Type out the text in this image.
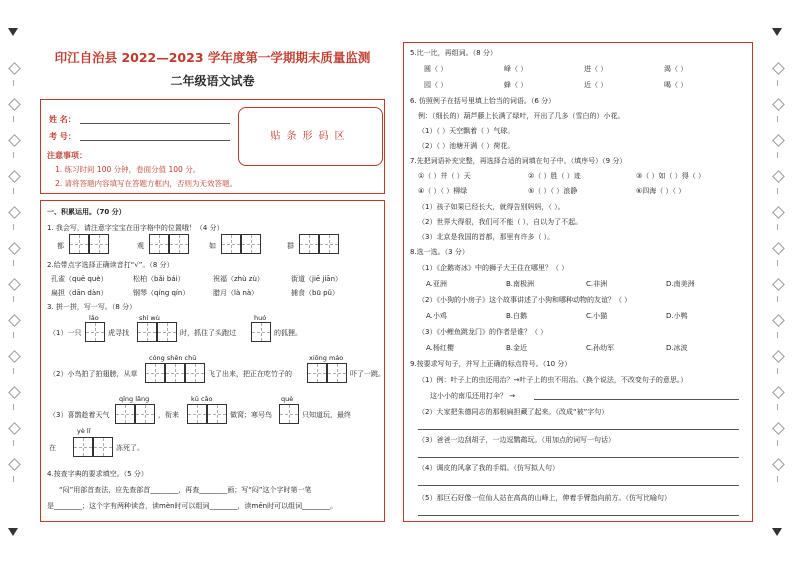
印江自治县 2022—2023 学年度第一学期期末质量监测
二年级语文试卷
姓 名：
考 号：
注意事项：
1. 练习时间 100 分钟，卷面分值 100 分。
2. 请将答题内容填写在答题方框内，否则为无效答题。
贴条形码区
一、积累运用。（70 分）
1. 我会写，请注意字宝宝在田字格中的位置哦！（4 分）
都	观	如	群
2.给带点字选择正确读音打“√”。（8 分）
孔雀（quē què）	松柏（bǎi bái）	祝福（zhù zù）	街道（jiē jiān）
扁担（dān dàn）	钢琴（qíng qín）	腊月（là nà）	捕食（bū pǔ）
3. 拼一拼，写一写。（8 分）
lǎo	shí wù	huó
（1）一只	虎寻找	时，抓住了头跑过	的狐狸。
cóng shēn chū	xiōng máo
（2）小鸟拍了拍翅膀，从草	飞了出来，把正在吃竹子的	吓了一跳。
qīng lǎng	kū cǎo	què
（3）喜鹊趁着天气	，衔来	做窝；寒号鸟	只知道玩，最终
yè lǐ
在	冻死了。
4.按查字典的要求填空。（5 分）
“闷”用部首查法，应先查部首________，再查________画；写“闷”这个字时第一笔
是________；这个字有两种读音，读mèn时可以组词________，读mēn时可以组词________。
5.比一比，再组词。（8 分）
圆（ ）	峰（ ）	进（ ）	渴（ ）
园（ ）	蜂（ ）	近（ ）	喝（ ）
6. 仿照例子在括号里填上恰当的词语。（6 分）
例：（细长的）葫芦藤上长满了绿叶，开出了几多（雪白的）小花。
（1）（ ）天空飘着（ ）气球。
（2）（ ）池塘开满（ ）荷花。
7.先把词语补充完整，再选择合适的词填在句子中。（填序号）（9 分）
①（ ）井（ ）天	②（ ）胜（ ）迹	③（ ）如（ ）得（ ）
④（ ）（ ）柳绿	⑤（ ）（ ）浪静	⑥四海（ ）（ ）
（1）孩子如果已经长大，就得告别妈妈，（ ）。
（2）世界大得很，我们可不能（ ），自以为了不起。
（3）北京是我国的首都，那里有许多（ ）。
8.选一选。（3 分）
（1）《企鹅寄冰》中的狮子大王住在哪里？（ ）
A.亚洲	B.南极洲	C.非洲	D.南美洲
（2）《小狗的小房子》这个故事讲述了小狗和哪种动物的友谊？（ ）
A.小鸡	B.白鹅	C.小猫	D.小鸭
（3）《小鲤鱼跳龙门》的作者是谁？（ ）
A.杨红樱	B.金近	C.孙幼军	D.冰波
9.按要求写句子，并写上正确的标点符号。（10 分）
（1）例：叶子上的虫还用治？→叶子上的虫不用治。（换个说法，不改变句子的意思。）
这小小的南瓜还用打伞？ →
（2）大家把朱德同志的那根扁担藏了起来。（改成“被”字句）
（3）爸爸一边刮胡子，一边逗鹦鹉玩。（用加点的词写一句话）
（4）调皮的风拿了我的手绢。（仿写拟人句）
（5）那巨石好像一位仙人站在高高的山峰上，伸着手臂指向前方。（仿写比喻句）
